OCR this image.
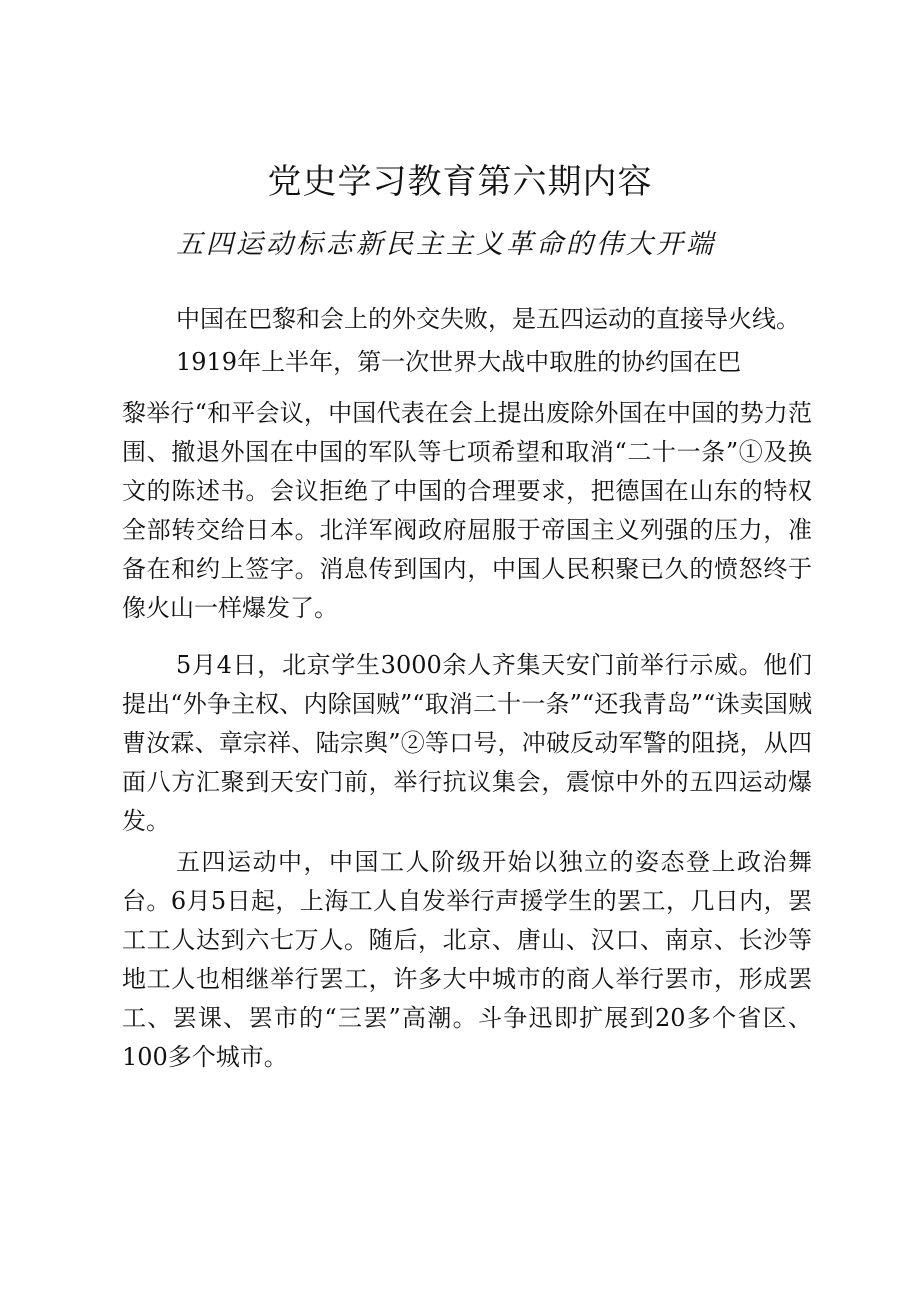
党史学习教育第六期内容
五四运动标志新民主主义革命的伟大开端

中国在巴黎和会上的外交失败，是五四运动的直接导火线。
1919年上半年，第一次世界大战中取胜的协约国在巴

黎举行“和平会议，中国代表在会上提出废除外国在中国的势力范围、撤退外国在中国的军队等七项希望和取消“二十一条”①及换文的陈述书。会议拒绝了中国的合理要求，把德国在山东的特权全部转交给日本。北洋军阀政府屈服于帝国主义列强的压力，准备在和约上签字。消息传到国内，中国人民积聚已久的愤怒终于像火山一样爆发了。

5月4日，北京学生3000余人齐集天安门前举行示威。他们提出“外争主权、内除国贼”“取消二十一条”“还我青岛”“诛卖国贼曹汝霖、章宗祥、陆宗舆”②等口号，冲破反动军警的阻挠，从四面八方汇聚到天安门前，举行抗议集会，震惊中外的五四运动爆发。

五四运动中，中国工人阶级开始以独立的姿态登上政治舞台。6月5日起，上海工人自发举行声援学生的罢工，几日内，罢工工人达到六七万人。随后，北京、唐山、汉口、南京、长沙等地工人也相继举行罢工，许多大中城市的商人举行罢市，形成罢工、罢课、罢市的“三罢”高潮。斗争迅即扩展到20多个省区、100多个城市。
